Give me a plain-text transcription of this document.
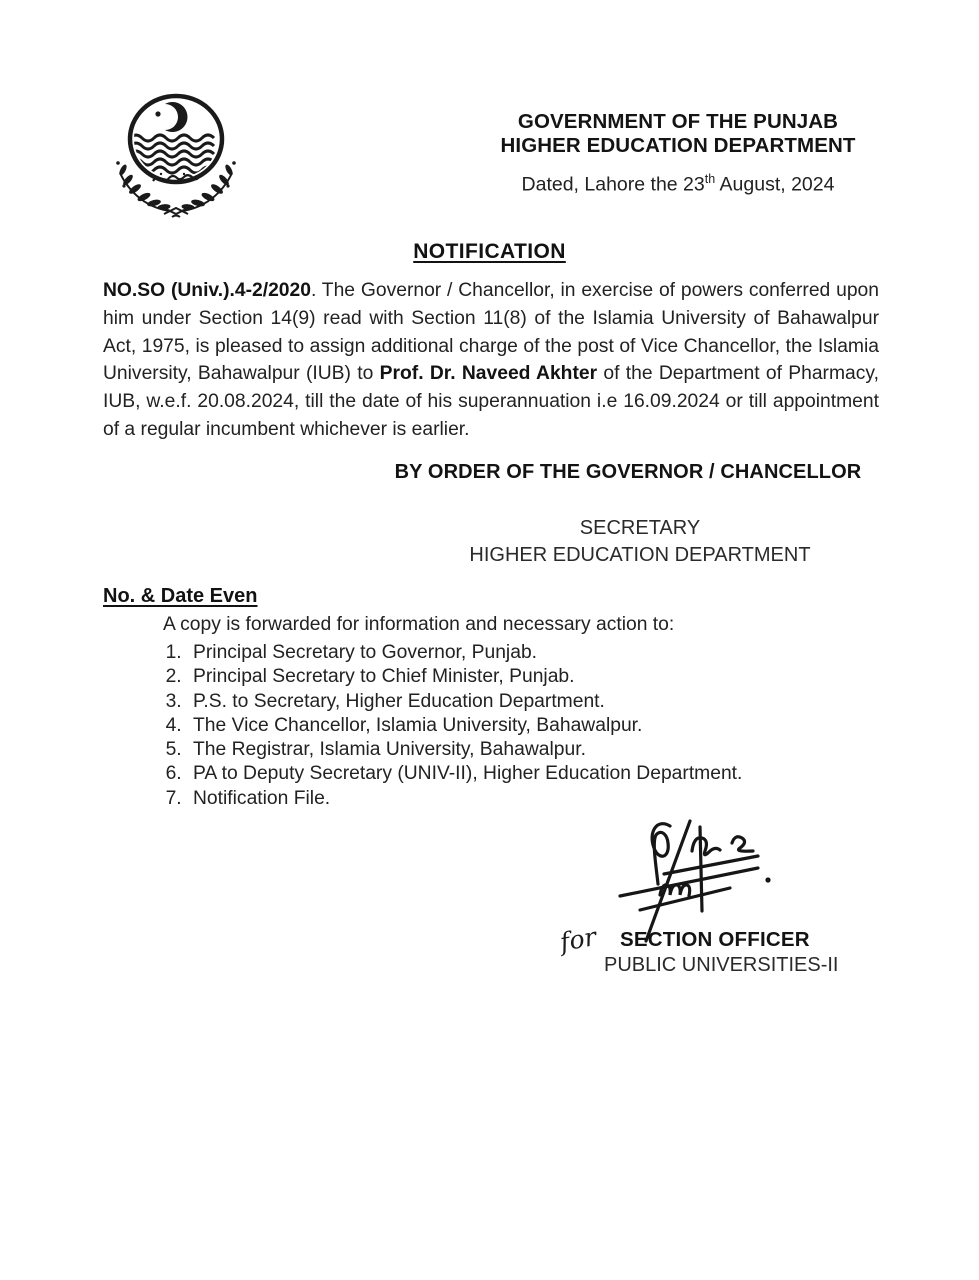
GOVERNMENT OF THE PUNJAB
HIGHER EDUCATION DEPARTMENT
Dated, Lahore the 23th August, 2024
NOTIFICATION

NO.SO (Univ.).4-2/2020. The Governor / Chancellor, in exercise of powers conferred upon him under Section 14(9) read with Section 11(8) of the Islamia University of Bahawalpur Act, 1975, is pleased to assign additional charge of the post of Vice Chancellor, the Islamia University, Bahawalpur (IUB) to Prof. Dr. Naveed Akhter of the Department of Pharmacy, IUB, w.e.f. 20.08.2024, till the date of his superannuation i.e 16.09.2024 or till appointment of a regular incumbent whichever is earlier.

BY ORDER OF THE GOVERNOR / CHANCELLOR
SECRETARY
HIGHER EDUCATION DEPARTMENT
No. & Date Even
A copy is forwarded for information and necessary action to:
1. Principal Secretary to Governor, Punjab.
2. Principal Secretary to Chief Minister, Punjab.
3. P.S. to Secretary, Higher Education Department.
4. The Vice Chancellor, Islamia University, Bahawalpur.
5. The Registrar, Islamia University, Bahawalpur.
6. PA to Deputy Secretary (UNIV-II), Higher Education Department.
7. Notification File.
for SECTION OFFICER
PUBLIC UNIVERSITIES-II
